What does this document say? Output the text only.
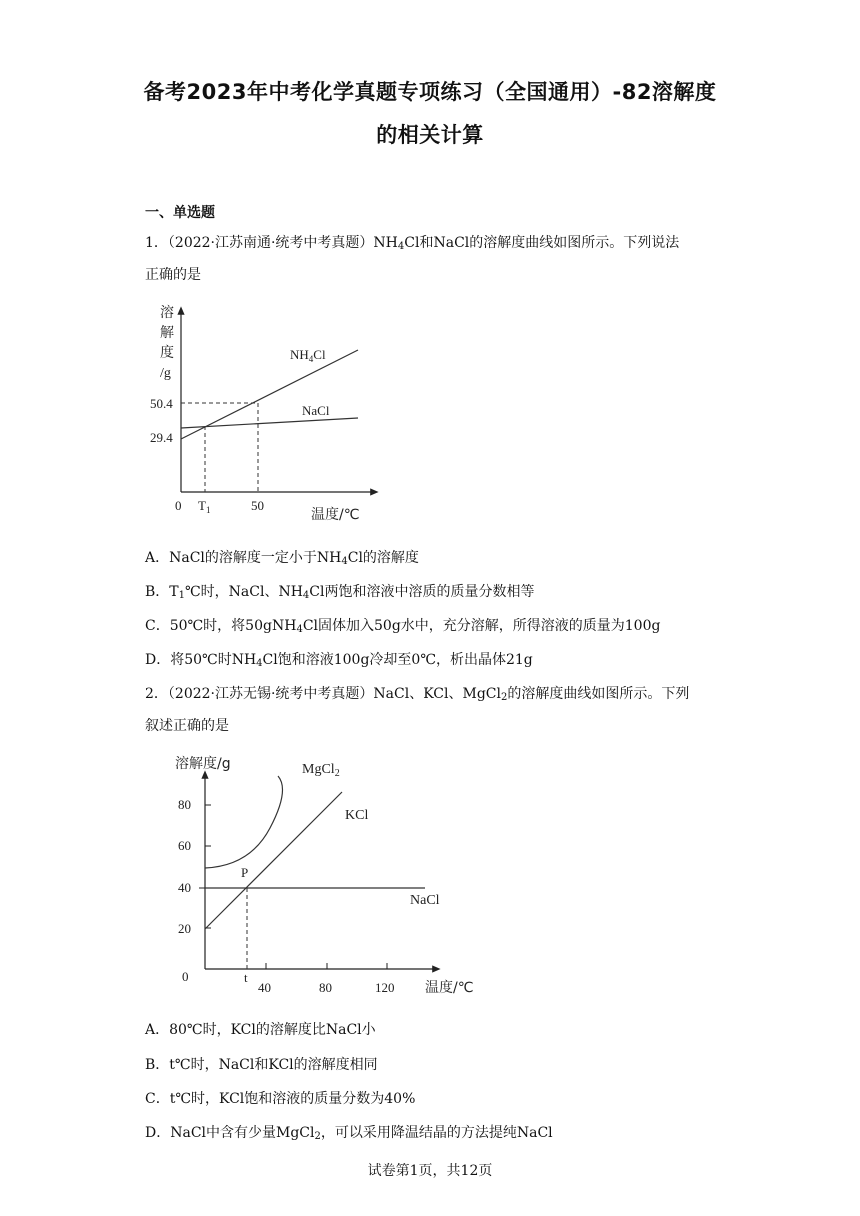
备考2023年中考化学真题专项练习（全国通用）-82溶解度
的相关计算
一、单选题
1．（2022·江苏南通·统考中考真题）$NH_4Cl$和NaCl的溶解度曲线如图所示。下列说法
正确的是
溶
解
度
/g
50.4
29.4
0 $T_1$	50
温度/℃
$NH_4Cl$
NaCl
A．NaCl的溶解度一定小于$NH_4Cl$的溶解度
B．$T_1℃$时，NaCl、$NH_4Cl$两饱和溶液中溶质的质量分数相等
C．50℃时，将50gNH$_4$Cl固体加入50g水中，充分溶解，所得溶液的质量为100g
D．将50℃时$NH_4Cl$饱和溶液100g冷却至0℃，析出晶体21g
2．（2022·江苏无锡·统考中考真题）NaCl、KCl、MgCl$_2$的溶解度曲线如图所示。下列
叙述正确的是
溶解度/g
80
60
40
20
0	t
40	80	120 温度/℃
P
MgCl$_2$
KCl
NaCl
A．80℃时，KCl的溶解度比NaCl小
B．t℃时，NaCl和KCl的溶解度相同
C．t℃时，KCl饱和溶液的质量分数为40%
D．NaCl中含有少量MgCl$_2$，可以采用降温结晶的方法提纯NaCl
试卷第1页，共12页
